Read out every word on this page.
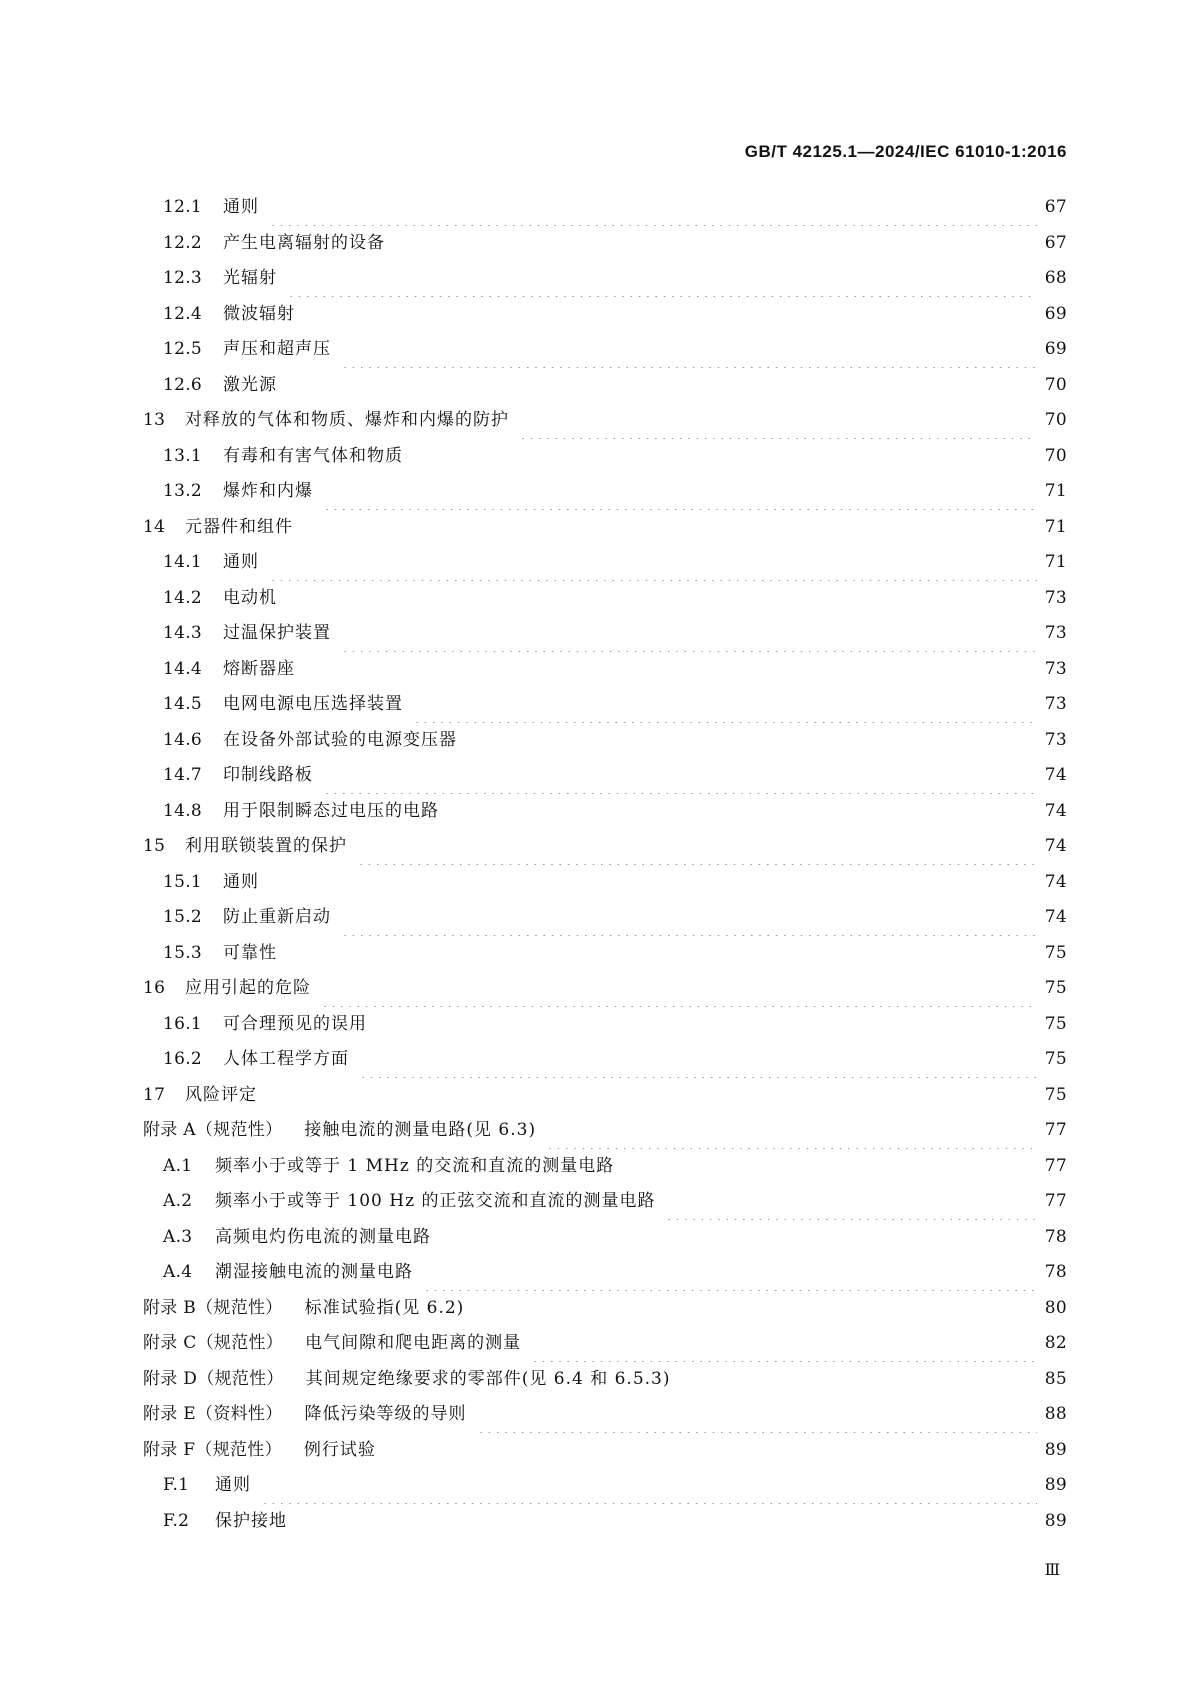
GB/T 42125.1—2024/IEC 61010-1:2016
12.1	通则	67
12.2	产生电离辐射的设备	67
12.3	光辐射	68
12.4	微波辐射	69
12.5	声压和超声压	69
12.6	激光源	70
13	对释放的气体和物质、爆炸和内爆的防护	70
13.1	有毒和有害气体和物质	70
13.2	爆炸和内爆	71
14	元器件和组件	71
14.1	通则	71
14.2	电动机	73
14.3	过温保护装置	73
14.4	熔断器座	73
14.5	电网电源电压选择装置	73
14.6	在设备外部试验的电源变压器	73
14.7	印制线路板	74
14.8	用于限制瞬态过电压的电路	74
15	利用联锁装置的保护	74
15.1	通则	74
15.2	防止重新启动	74
15.3	可靠性	75
16	应用引起的危险	75
16.1	可合理预见的误用	75
16.2	人体工程学方面	75
17	风险评定	75
附录 A（规范性） 接触电流的测量电路(见 6.3)	77
A.1	频率小于或等于 1 MHz 的交流和直流的测量电路	77
A.2	频率小于或等于 100 Hz 的正弦交流和直流的测量电路	77
A.3	高频电灼伤电流的测量电路	78
A.4	潮湿接触电流的测量电路	78
附录 B（规范性） 标准试验指(见 6.2)	80
附录 C（规范性） 电气间隙和爬电距离的测量	82
附录 D（规范性） 其间规定绝缘要求的零部件(见 6.4 和 6.5.3)	85
附录 E（资料性） 降低污染等级的导则	88
附录 F（规范性） 例行试验	89
F.1	通则	89
F.2	保护接地	89
Ⅲ
